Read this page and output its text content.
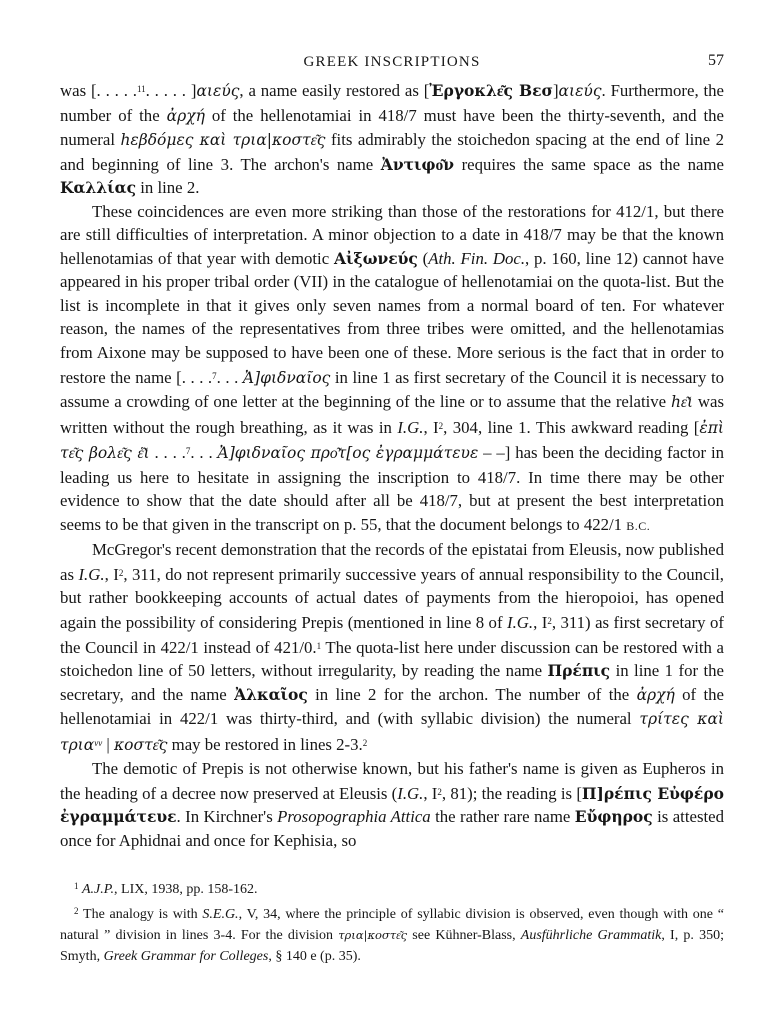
GREEK INSCRIPTIONS	57

was [. . . . .$^{11}$. . . . . ]αιεύς, a name easily restored as [Ἐργοκλε͂ς Βεσ]αιεύς. Furthermore, the number of the ἀρχή of the hellenotamiai in 418/7 must have been the thirty-seventh, and the numeral hεβδόμες καὶ τρια|κοστε͂ς fits admirably the stoichedon spacing at the end of line 2 and beginning of line 3. The archon's name Ἀντιφο͂ν requires the same space as the name Καλλίας in line 2.

These coincidences are even more striking than those of the restorations for 412/1, but there are still difficulties of interpretation. A minor objection to a date in 418/7 may be that the known hellenotamias of that year with demotic Αἰξωνεύς (Ath. Fin. Doc., p. 160, line 12) cannot have appeared in his proper tribal order (VII) in the catalogue of hellenotamiai on the quota-list. But the list is incomplete in that it gives only seven names from a normal board of ten. For whatever reason, the names of the representatives from three tribes were omitted, and the hellenotamias from Aixone may be supposed to have been one of these. More serious is the fact that in order to restore the name [. . . .$^7$. . . Ἀ]φιδναῖος in line 1 as first secretary of the Council it is necessary to assume a crowding of one letter at the beginning of the line or to assume that the relative hε͂ι was written without the rough breathing, as it was in I.G., I$^2$, 304, line 1. This awkward reading [ἐπὶ τε͂ς βολε͂ς ἑ͂ι . . . .$^7$. . . Ἀ]φιδναῖος προ͂τ[ος ἐγραμμάτευε – –] has been the deciding factor in leading us here to hesitate in assigning the inscription to 418/7. In time there may be other evidence to show that the date should after all be 418/7, but at present the best interpretation seems to be that given in the transcript on p. 55, that the document belongs to 422/1 B.C.

McGregor's recent demonstration that the records of the epistatai from Eleusis, now published as I.G., I$^2$, 311, do not represent primarily successive years of annual responsibility to the Council, but rather bookkeeping accounts of actual dates of payments from the hieropoioi, has opened again the possibility of considering Prepis (mentioned in line 8 of I.G., I$^2$, 311) as first secretary of the Council in 422/1 instead of 421/0.$^1$ The quota-list here under discussion can be restored with a stoichedon line of 50 letters, without irregularity, by reading the name Πρέπις in line 1 for the secretary, and the name Ἀλκαῖος in line 2 for the archon. The number of the ἀρχή of the hellenotamiai in 422/1 was thirty-third, and (with syllabic division) the numeral τρίτες καὶ τρια$^{vv}$ | κοστε͂ς may be restored in lines 2-3.$^2$

The demotic of Prepis is not otherwise known, but his father's name is given as Eupheros in the heading of a decree now preserved at Eleusis (I.G., I$^2$, 81); the reading is [Π]ρέπις Εὐφέρο ἐγραμμάτευε. In Kirchner's Prosopographia Attica the rather rare name Εὔφηρος is attested once for Aphidnai and once for Kephisia, so

$^1$ A.J.P., LIX, 1938, pp. 158-162.

$^2$ The analogy is with S.E.G., V, 34, where the principle of syllabic division is observed, even though with one “ natural ” division in lines 3-4. For the division τρια|κοστε͂ς see Kühner-Blass, Ausführliche Grammatik, I, p. 350; Smyth, Greek Grammar for Colleges, § 140 e (p. 35).
